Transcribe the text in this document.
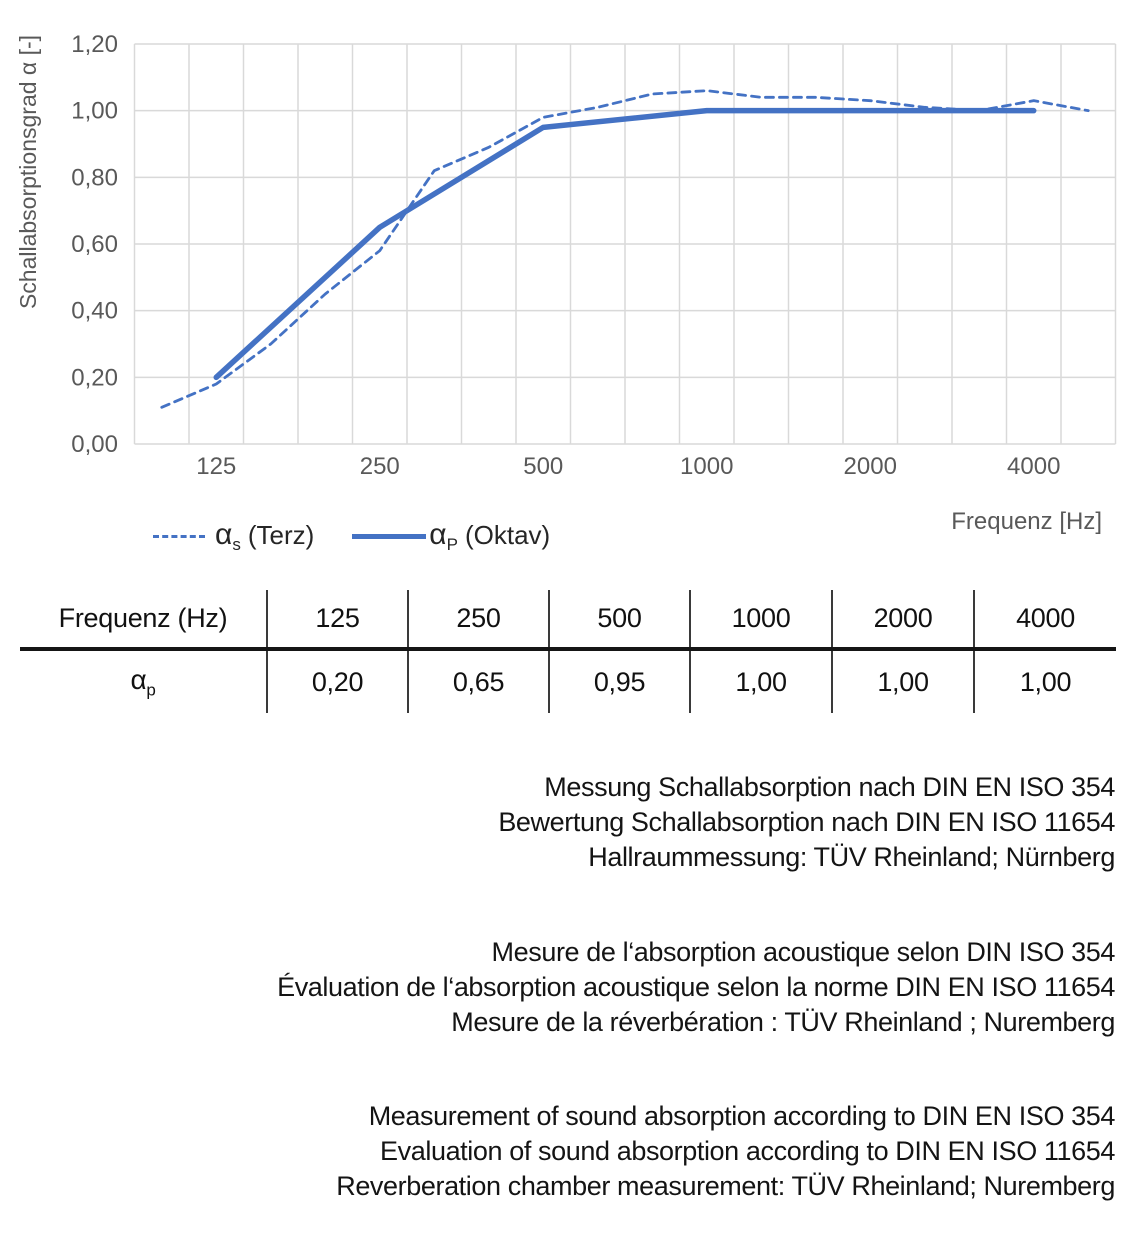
0,00
0,20
0,40
0,60
0,80
1,00
1,20
125	250	500	1000	2000	4000
Schallabsorptionsgrad α [-]
$\alpha_s$ (Terz)	$\alpha_P$ (Oktav)	Frequenz [Hz]
Frequenz (Hz)	125	250	500	1000	2000	4000
$\alpha_p$	0,20	0,65	0,95	1,00	1,00	1,00
Messung Schallabsorption nach DIN EN ISO 354
Bewertung Schallabsorption nach DIN EN ISO 11654
Hallraummessung: TÜV Rheinland; Nürnberg
Mesure de l‘absorption acoustique selon DIN ISO 354
Évaluation de l‘absorption acoustique selon la norme DIN EN ISO 11654
Mesure de la réverbération : TÜV Rheinland ; Nuremberg
Measurement of sound absorption according to DIN EN ISO 354
Evaluation of sound absorption according to DIN EN ISO 11654
Reverberation chamber measurement: TÜV Rheinland; Nuremberg
